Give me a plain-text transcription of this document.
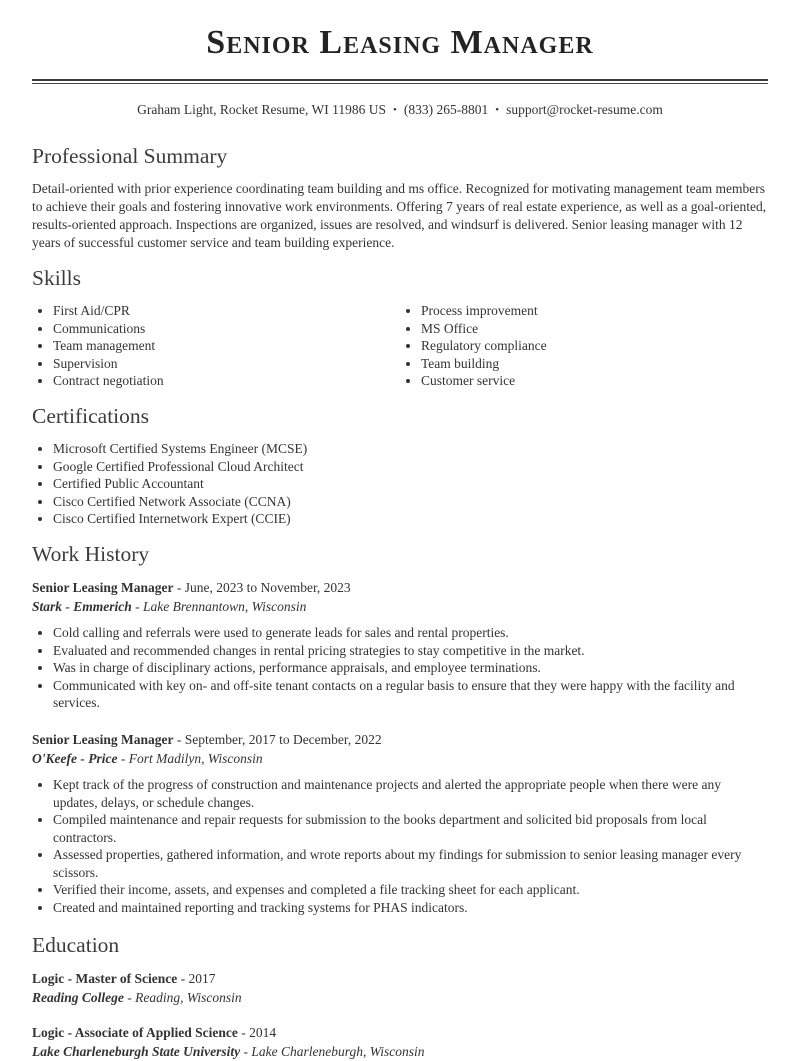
Senior Leasing Manager
Graham Light, Rocket Resume, WI 11986 US • (833) 265-8801 • support@rocket-resume.com
Professional Summary

Detail-oriented with prior experience coordinating team building and ms office. Recognized for motivating management team members to achieve their goals and fostering innovative work environments. Offering 7 years of real estate experience, as well as a goal-oriented, results-oriented approach. Inspections are organized, issues are resolved, and windsurf is delivered. Senior leasing manager with 12 years of successful customer service and team building experience.

Skills
• First Aid/CPR
• Communications
• Team management
• Supervision
• Contract negotiation
• Process improvement
• MS Office
• Regulatory compliance
• Team building
• Customer service
Certifications
• Microsoft Certified Systems Engineer (MCSE)
• Google Certified Professional Cloud Architect
• Certified Public Accountant
• Cisco Certified Network Associate (CCNA)
• Cisco Certified Internetwork Expert (CCIE)
Work History

Senior Leasing Manager - June, 2023 to November, 2023

Stark - Emmerich - Lake Brennantown, Wisconsin

• Cold calling and referrals were used to generate leads for sales and rental properties.
• Evaluated and recommended changes in rental pricing strategies to stay competitive in the market.
• Was in charge of disciplinary actions, performance appraisals, and employee terminations.
• Communicated with key on- and off-site tenant contacts on a regular basis to ensure that they were happy with the facility and services.

Senior Leasing Manager - September, 2017 to December, 2022

O'Keefe - Price - Fort Madilyn, Wisconsin

• Kept track of the progress of construction and maintenance projects and alerted the appropriate people when there were any updates, delays, or schedule changes.
• Compiled maintenance and repair requests for submission to the books department and solicited bid proposals from local contractors.
• Assessed properties, gathered information, and wrote reports about my findings for submission to senior leasing manager every scissors.
• Verified their income, assets, and expenses and completed a file tracking sheet for each applicant.
• Created and maintained reporting and tracking systems for PHAS indicators.
Education

Logic - Master of Science - 2017

Reading College - Reading, Wisconsin

Logic - Associate of Applied Science - 2014

Lake Charleneburgh State University - Lake Charleneburgh, Wisconsin
